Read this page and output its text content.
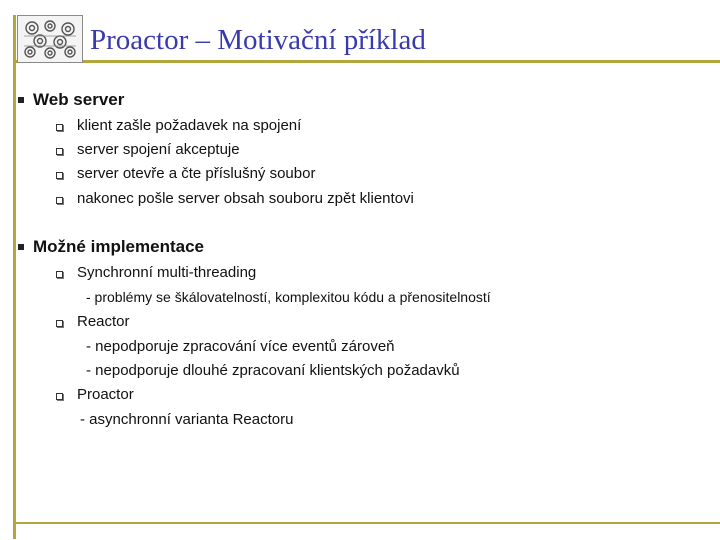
Proactor – Motivační příklad
Web server
klient zašle požadavek na spojení
server spojení akceptuje
server otevře a čte příslušný soubor
nakonec pošle server obsah souboru zpět klientovi
Možné implementace
Synchronní multi-threading
- problémy se škálovatelností, komplexitou kódu a přenositelností
Reactor
- nepodporuje zpracování více eventů zároveň
- nepodporuje dlouhé zpracovaní klientských požadavků
Proactor
- asynchronní varianta Reactoru
